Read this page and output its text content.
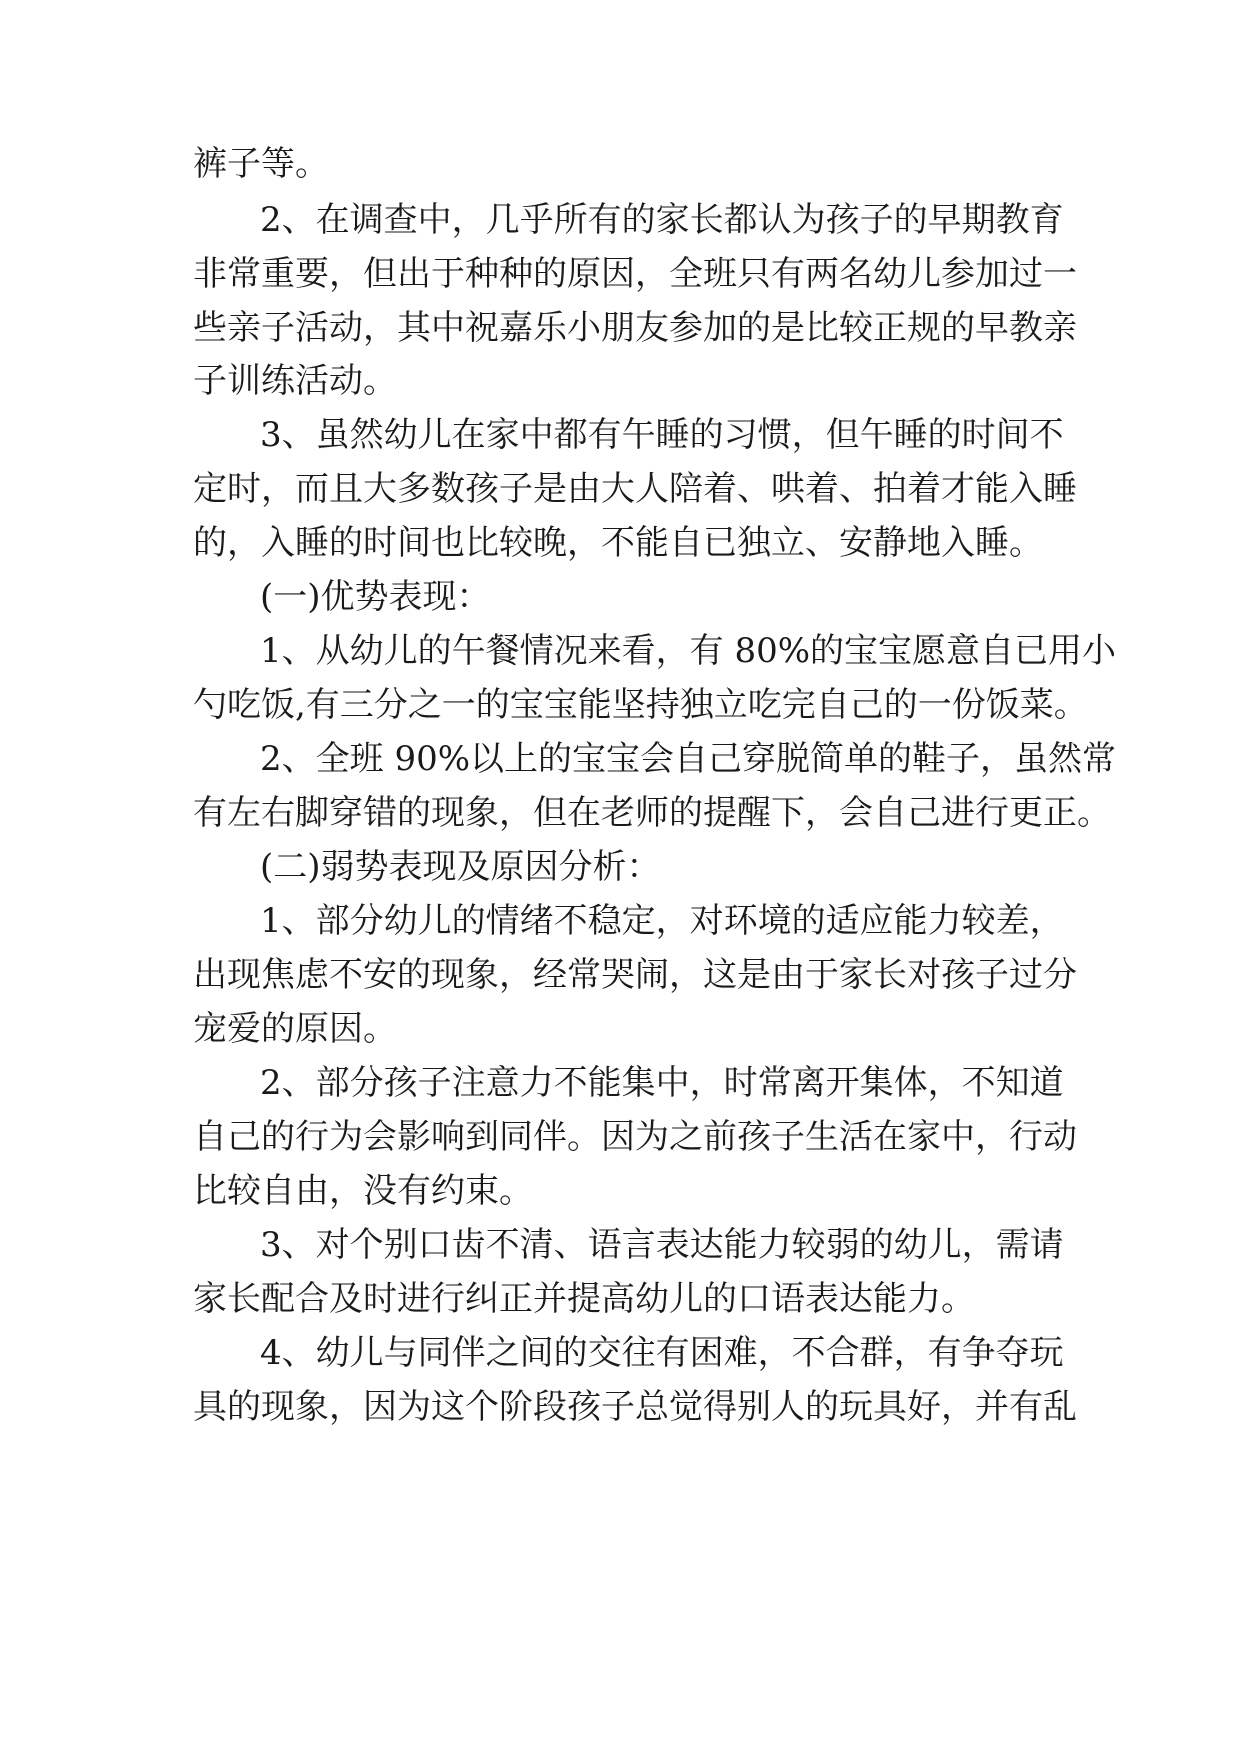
裤子等。
2、在调查中，几乎所有的家长都认为孩子的早期教育
非常重要，但出于种种的原因，全班只有两名幼儿参加过一
些亲子活动，其中祝嘉乐小朋友参加的是比较正规的早教亲
子训练活动。
3、虽然幼儿在家中都有午睡的习惯，但午睡的时间不
定时，而且大多数孩子是由大人陪着、哄着、拍着才能入睡
的，入睡的时间也比较晚，不能自已独立、安静地入睡。
(一)优势表现：
1、从幼儿的午餐情况来看，有 80%的宝宝愿意自已用小
勺吃饭,有三分之一的宝宝能坚持独立吃完自己的一份饭菜。
2、全班 90%以上的宝宝会自己穿脱简单的鞋子，虽然常
有左右脚穿错的现象，但在老师的提醒下，会自己进行更正。
(二)弱势表现及原因分析：
1、部分幼儿的情绪不稳定，对环境的适应能力较差，
出现焦虑不安的现象，经常哭闹，这是由于家长对孩子过分
宠爱的原因。
2、部分孩子注意力不能集中，时常离开集体，不知道
自己的行为会影响到同伴。因为之前孩子生活在家中，行动
比较自由，没有约束。
3、对个别口齿不清、语言表达能力较弱的幼儿，需请
家长配合及时进行纠正并提高幼儿的口语表达能力。
4、幼儿与同伴之间的交往有困难，不合群，有争夺玩
具的现象，因为这个阶段孩子总觉得别人的玩具好，并有乱
